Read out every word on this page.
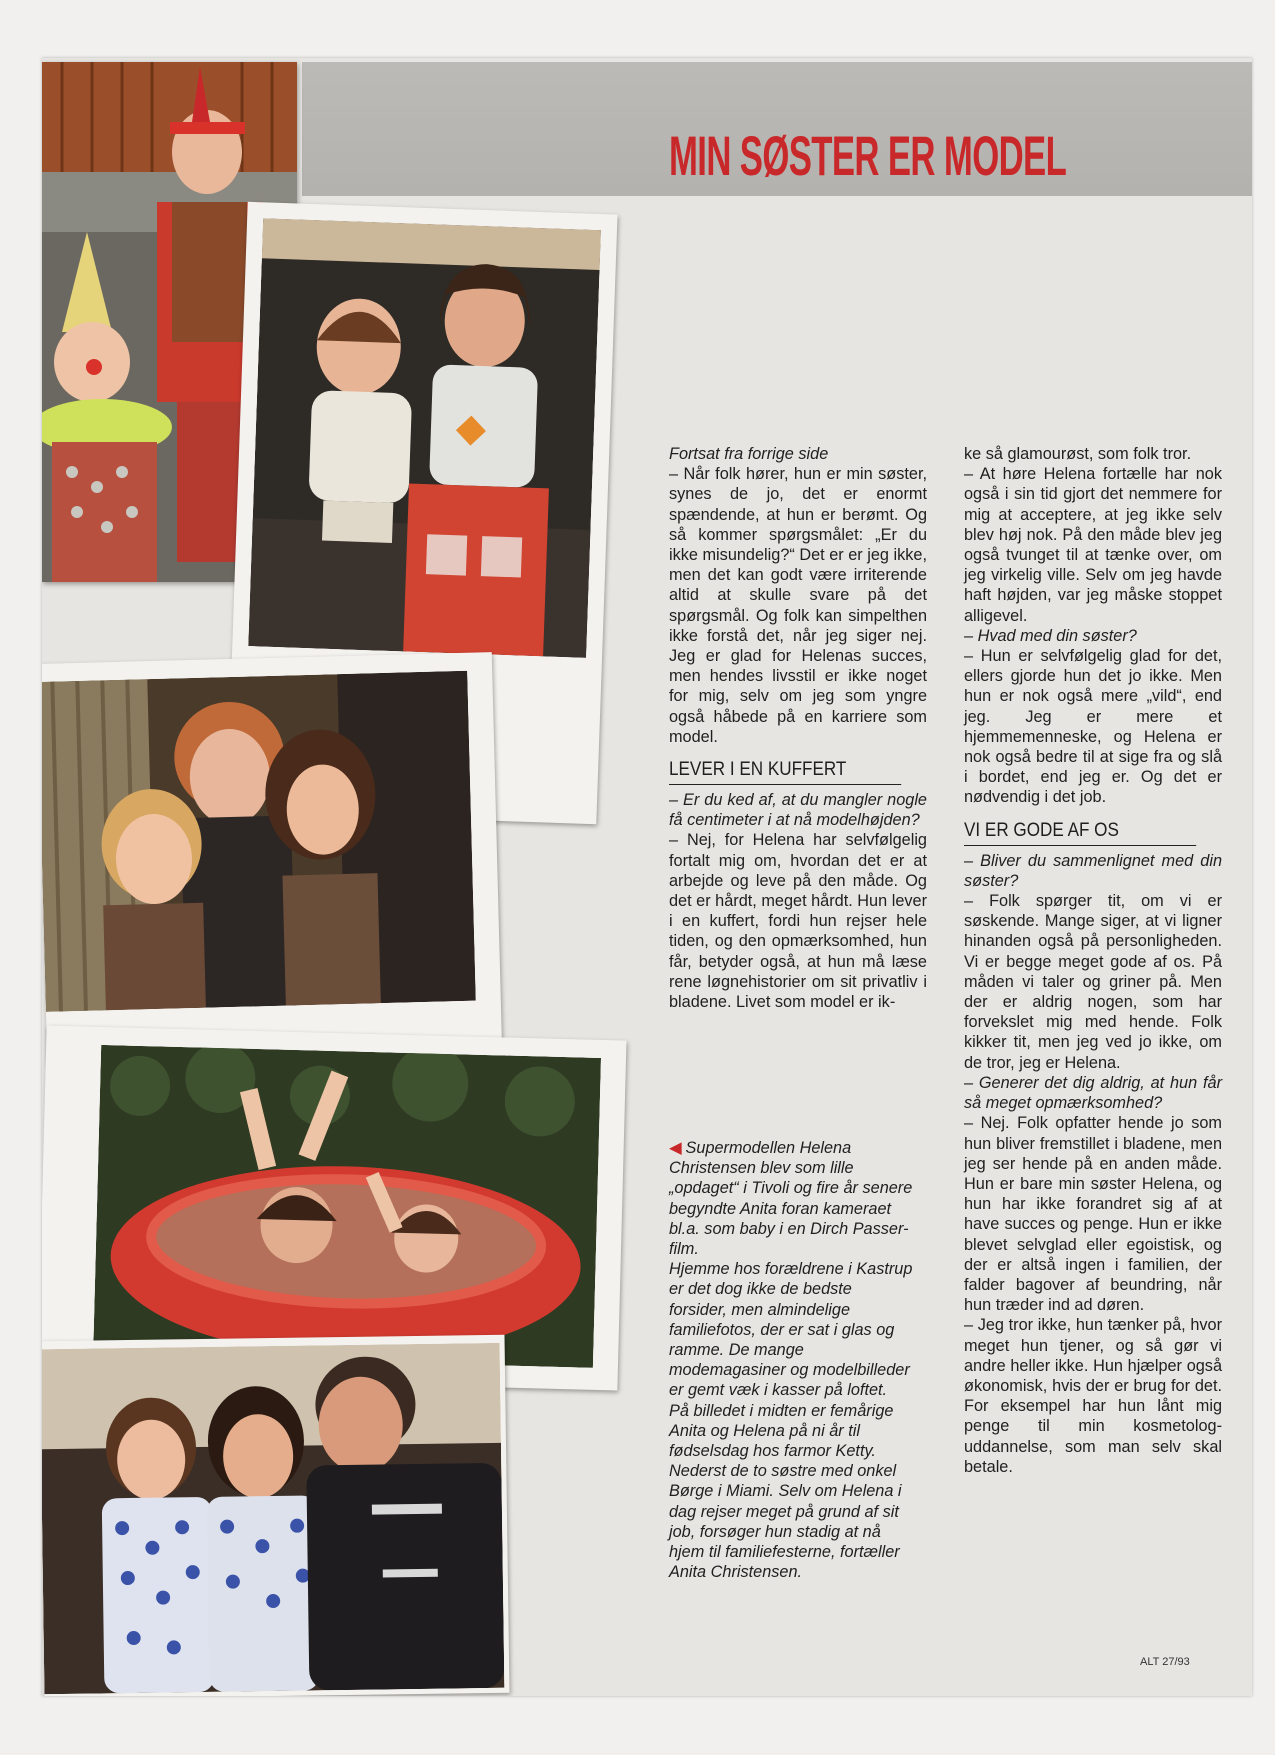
MIN SØSTER ER MODEL

Fortsat fra forrige side

– Når folk hører, hun er min søster, synes de jo, det er enormt spændende, at hun er berømt. Og så kommer spørgsmålet: „Er du ikke misundelig?“ Det er er jeg ikke, men det kan godt være irriterende altid at skulle svare på det spørgsmål. Og folk kan simpelthen ikke forstå det, når jeg siger nej. Jeg er glad for Helenas succes, men hendes livsstil er ikke noget for mig, selv om jeg som yngre også håbede på en karriere som model.

LEVER I EN KUFFERT

– Er du ked af, at du mangler nogle få centimeter i at nå modelhøjden?

– Nej, for Helena har selvfølgelig fortalt mig om, hvordan det er at arbejde og leve på den måde. Og det er hårdt, meget hårdt. Hun lever i en kuffert, fordi hun rejser hele tiden, og den opmærksomhed, hun får, betyder også, at hun må læse rene løgnehistorier om sit privatliv i bladene. Livet som model er ik-

◀ Supermodellen Helena Christensen blev som lille „opdaget“ i Tivoli og fire år senere begyndte Anita foran kameraet bl.a. som baby i en Dirch Passer-film.

Hjemme hos forældrene i Kastrup er det dog ikke de bedste forsider, men almindelige familiefotos, der er sat i glas og ramme. De mange modemagasiner og modelbilleder er gemt væk i kasser på loftet.

På billedet i midten er femårige Anita og Helena på ni år til fødselsdag hos farmor Ketty.

Nederst de to søstre med onkel Børge i Miami. Selv om Helena i dag rejser meget på grund af sit job, forsøger hun stadig at nå hjem til familiefesterne, fortæller Anita Christensen.

ke så glamourøst, som folk tror.

– At høre Helena fortælle har nok også i sin tid gjort det nemmere for mig at acceptere, at jeg ikke selv blev høj nok. På den måde blev jeg også tvunget til at tænke over, om jeg virkelig ville. Selv om jeg havde haft højden, var jeg måske stoppet alligevel.

– Hvad med din søster?

– Hun er selvfølgelig glad for det, ellers gjorde hun det jo ikke. Men hun er nok også mere „vild“, end jeg. Jeg er mere et hjemmemenneske, og Helena er nok også bedre til at sige fra og slå i bordet, end jeg er. Og det er nødvendig i det job.

VI ER GODE AF OS

– Bliver du sammenlignet med din søster?

– Folk spørger tit, om vi er søskende. Mange siger, at vi ligner hinanden også på personligheden. Vi er begge meget gode af os. På måden vi taler og griner på. Men der er aldrig nogen, som har forvekslet mig med hende. Folk kikker tit, men jeg ved jo ikke, om de tror, jeg er Helena.

– Generer det dig aldrig, at hun får så meget opmærksomhed?

– Nej. Folk opfatter hende jo som hun bliver fremstillet i bladene, men jeg ser hende på en anden måde. Hun er bare min søster Helena, og hun har ikke forandret sig af at have succes og penge. Hun er ikke blevet selvglad eller egoistisk, og der er altså ingen i familien, der falder bagover af beundring, når hun træder ind ad døren.

– Jeg tror ikke, hun tænker på, hvor meget hun tjener, og så gør vi andre heller ikke. Hun hjælper også økonomisk, hvis der er brug for det. For eksempel har hun lånt mig penge til min kosmetolog-uddannelse, som man selv skal betale.

ALT 27/93
